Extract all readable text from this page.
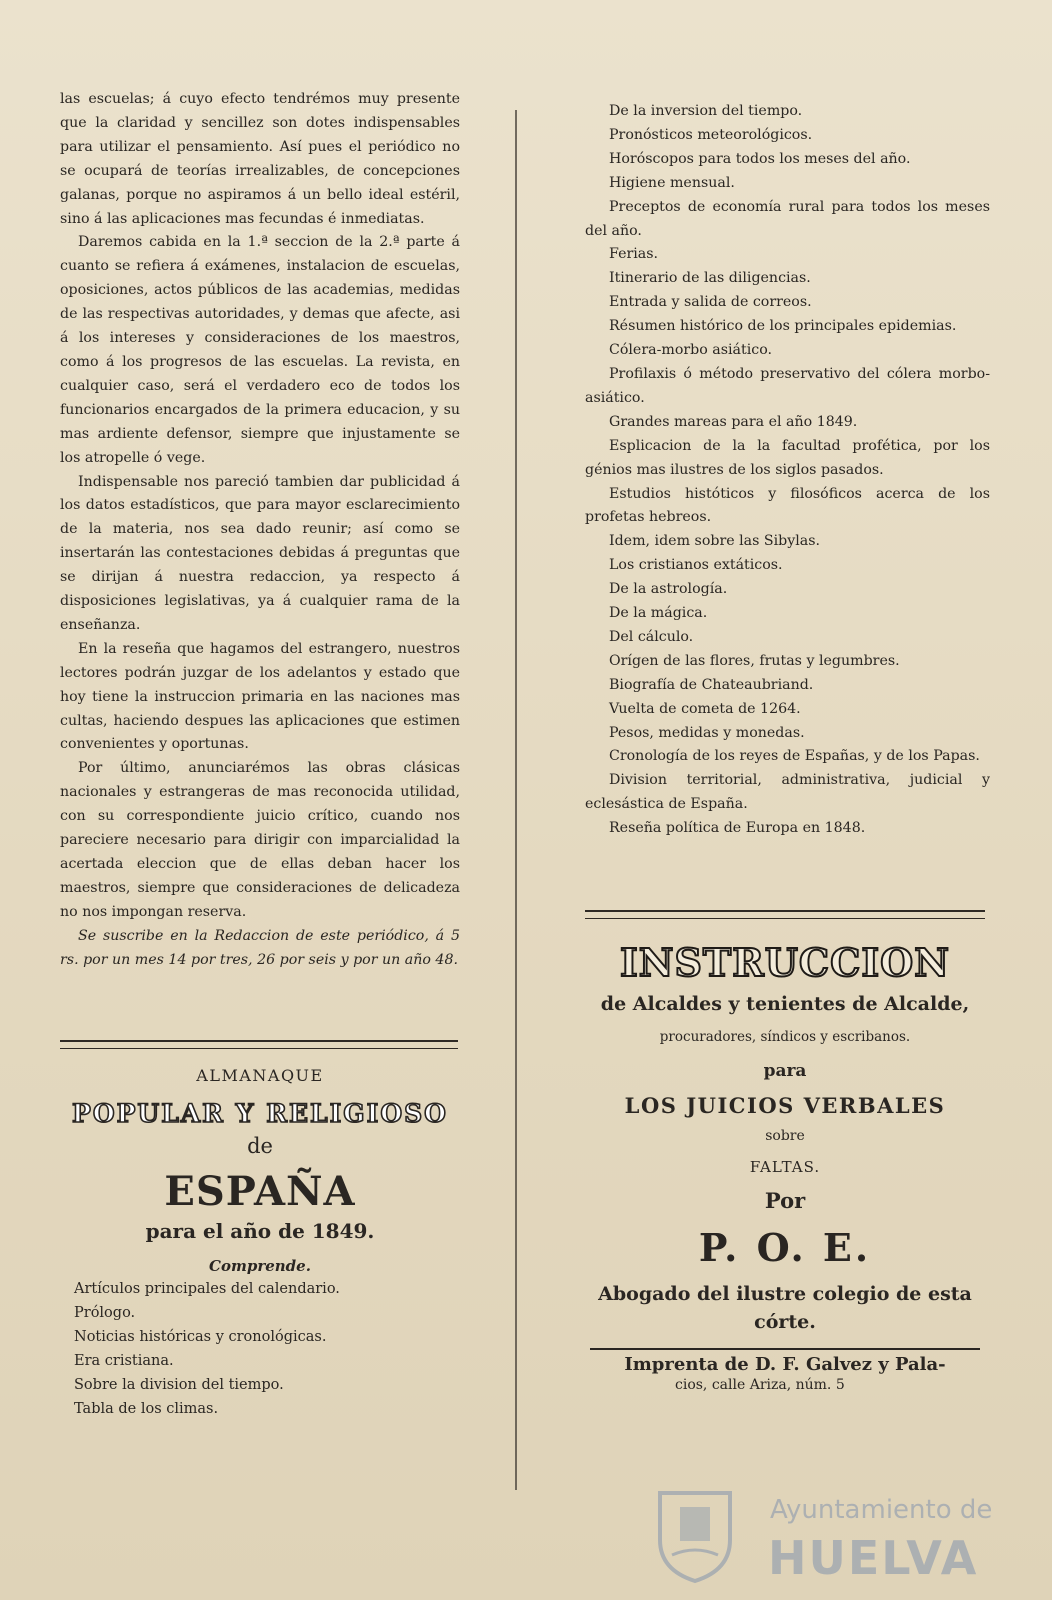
las escuelas; á cuyo efecto tendrémos muy presente que la claridad y sencillez son dotes indispensables para utilizar el pensamiento. Así pues el periódico no se ocupará de teorías irrealizables, de concepciones galanas, porque no aspiramos á un bello ideal estéril, sino á las aplicaciones mas fecundas é inmediatas.

Daremos cabida en la 1.ª seccion de la 2.ª parte á cuanto se refiera á exámenes, instalacion de escuelas, oposiciones, actos públicos de las academias, medidas de las respectivas autoridades, y demas que afecte, asi á los intereses y consideraciones de los maestros, como á los progresos de las escuelas. La revista, en cualquier caso, será el verdadero eco de todos los funcionarios encargados de la primera educacion, y su mas ardiente defensor, siempre que injustamente se los atropelle ó vege.

Indispensable nos pareció tambien dar publicidad á los datos estadísticos, que para mayor esclarecimiento de la materia, nos sea dado reunir; así como se insertarán las contestaciones debidas á preguntas que se dirijan á nuestra redaccion, ya respecto á disposiciones legislativas, ya á cualquier rama de la enseñanza.

En la reseña que hagamos del estrangero, nuestros lectores podrán juzgar de los adelantos y estado que hoy tiene la instruccion primaria en las naciones mas cultas, haciendo despues las aplicaciones que estimen convenientes y oportunas.

Por último, anunciarémos las obras clásicas nacionales y estrangeras de mas reconocida utilidad, con su correspondiente juicio crítico, cuando nos pareciere necesario para dirigir con imparcialidad la acertada eleccion que de ellas deban hacer los maestros, siempre que consideraciones de delicadeza no nos impongan reserva.

Se suscribe en la Redaccion de este periódico, á 5 rs. por un mes 14 por tres, 26 por seis y por un año 48.

ALMANAQUE
POPULAR Y RELIGIOSO
de
ESPAÑA
para el año de 1849.
Comprende.
Artículos principales del calendario.
Prólogo.
Noticias históricas y cronológicas.
Era cristiana.
Sobre la division del tiempo.
Tabla de los climas.
De la inversion del tiempo.
Pronósticos meteorológicos.
Horóscopos para todos los meses del año.
Higiene mensual.
Preceptos de economía rural para todos los meses del año.
Ferias.
Itinerario de las diligencias.
Entrada y salida de correos.
Résumen histórico de los principales epidemias.
Cólera-morbo asiático.
Profilaxis ó método preservativo del cólera morbo-asiático.
Grandes mareas para el año 1849.
Esplicacion de la la facultad profética, por los génios mas ilustres de los siglos pasados.
Estudios históticos y filosóficos acerca de los profetas hebreos.
Idem, idem sobre las Sibylas.
Los cristianos extáticos.
De la astrología.
De la mágica.
Del cálculo.
Orígen de las flores, frutas y legumbres.
Biografía de Chateaubriand.
Vuelta de cometa de 1264.
Pesos, medidas y monedas.
Cronología de los reyes de Españas, y de los Papas.
Division territorial, administrativa, judicial y eclesástica de España.
Reseña política de Europa en 1848.
INSTRUCCION
de Alcaldes y tenientes de Alcalde,
procuradores, síndicos y escribanos.
para
LOS JUICIOS VERBALES
sobre
FALTAS.
Por
P. O. E.
Abogado del ilustre colegio de esta córte.
Imprenta de D. F. Galvez y Pala-
cios, calle Ariza, núm. 5
Ayuntamiento de
HUELVA
